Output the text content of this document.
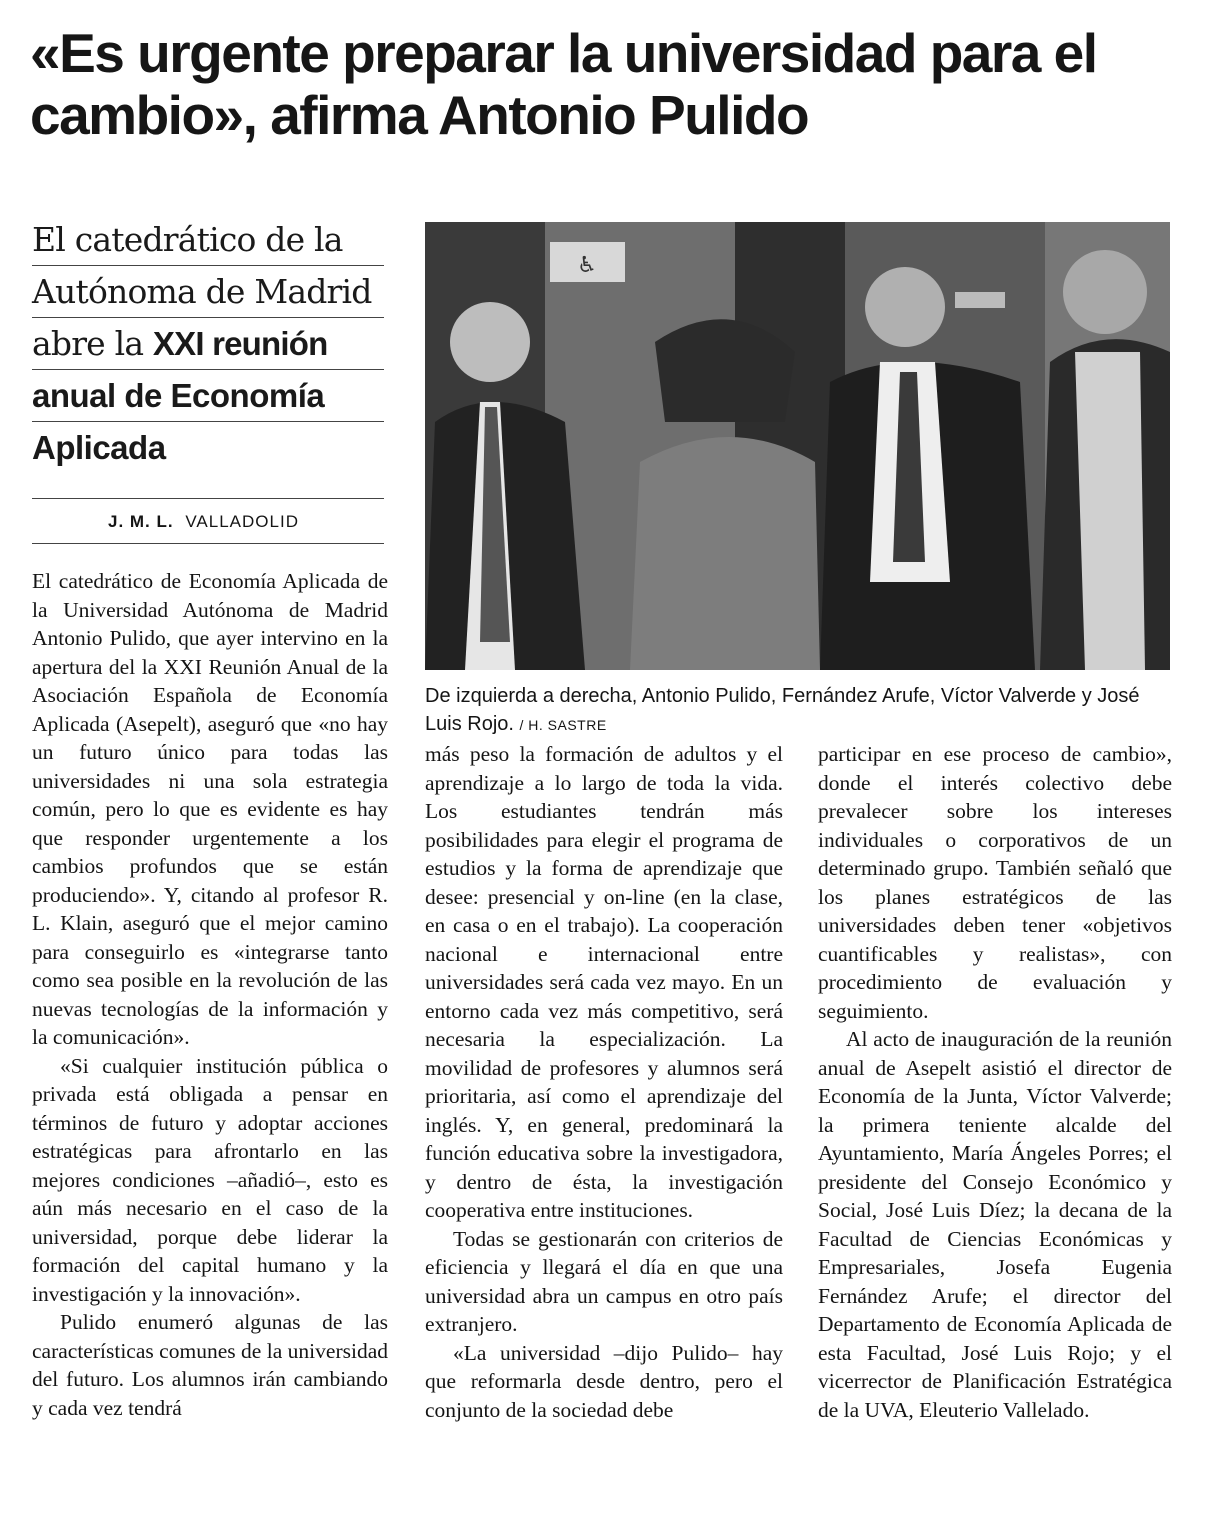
«Es urgente preparar la universidad para el cambio», afirma Antonio Pulido
El catedrático de la
Autónoma de Madrid
abre la XXI reunión
anual de Economía
Aplicada
J. M. L. VALLADOLID
♿
De izquierda a derecha, Antonio Pulido, Fernández Arufe, Víctor Valverde y José Luis Rojo. / H. SASTRE

El catedrático de Economía Aplicada de la Universidad Autónoma de Madrid Antonio Pulido, que ayer intervino en la apertura del la XXI Reunión Anual de la Asociación Española de Economía Aplicada (Asepelt), aseguró que «no hay un futuro único para todas las universidades ni una sola estrategia común, pero lo que es evidente es hay que responder urgentemente a los cambios profundos que se están produciendo». Y, citando al profesor R. L. Klain, aseguró que el mejor camino para conseguirlo es «integrarse tanto como sea posible en la revolución de las nuevas tecnologías de la información y la comunicación».

«Si cualquier institución pública o privada está obligada a pensar en términos de futuro y adoptar acciones estratégicas para afrontarlo en las mejores condiciones –añadió–, esto es aún más necesario en el caso de la universidad, porque debe liderar la formación del capital humano y la investigación y la innovación».

Pulido enumeró algunas de las características comunes de la universidad del futuro. Los alumnos irán cambiando y cada vez tendrá

más peso la formación de adultos y el aprendizaje a lo largo de toda la vida. Los estudiantes tendrán más posibilidades para elegir el programa de estudios y la forma de aprendizaje que desee: presencial y on-line (en la clase, en casa o en el trabajo). La cooperación nacional e internacional entre universidades será cada vez mayo. En un entorno cada vez más competitivo, será necesaria la especialización. La movilidad de profesores y alumnos será prioritaria, así como el aprendizaje del inglés. Y, en general, predominará la función educativa sobre la investigadora, y dentro de ésta, la investigación cooperativa entre instituciones.

Todas se gestionarán con criterios de eficiencia y llegará el día en que una universidad abra un campus en otro país extranjero.

«La universidad –dijo Pulido– hay que reformarla desde dentro, pero el conjunto de la sociedad debe

participar en ese proceso de cambio», donde el interés colectivo debe prevalecer sobre los intereses individuales o corporativos de un determinado grupo. También señaló que los planes estratégicos de las universidades deben tener «objetivos cuantificables y realistas», con procedimiento de evaluación y seguimiento.

Al acto de inauguración de la reunión anual de Asepelt asistió el director de Economía de la Junta, Víctor Valverde; la primera teniente alcalde del Ayuntamiento, María Ángeles Porres; el presidente del Consejo Económico y Social, José Luis Díez; la decana de la Facultad de Ciencias Económicas y Empresariales, Josefa Eugenia Fernández Arufe; el director del Departamento de Economía Aplicada de esta Facultad, José Luis Rojo; y el vicerrector de Planificación Estratégica de la UVA, Eleuterio Vallelado.
